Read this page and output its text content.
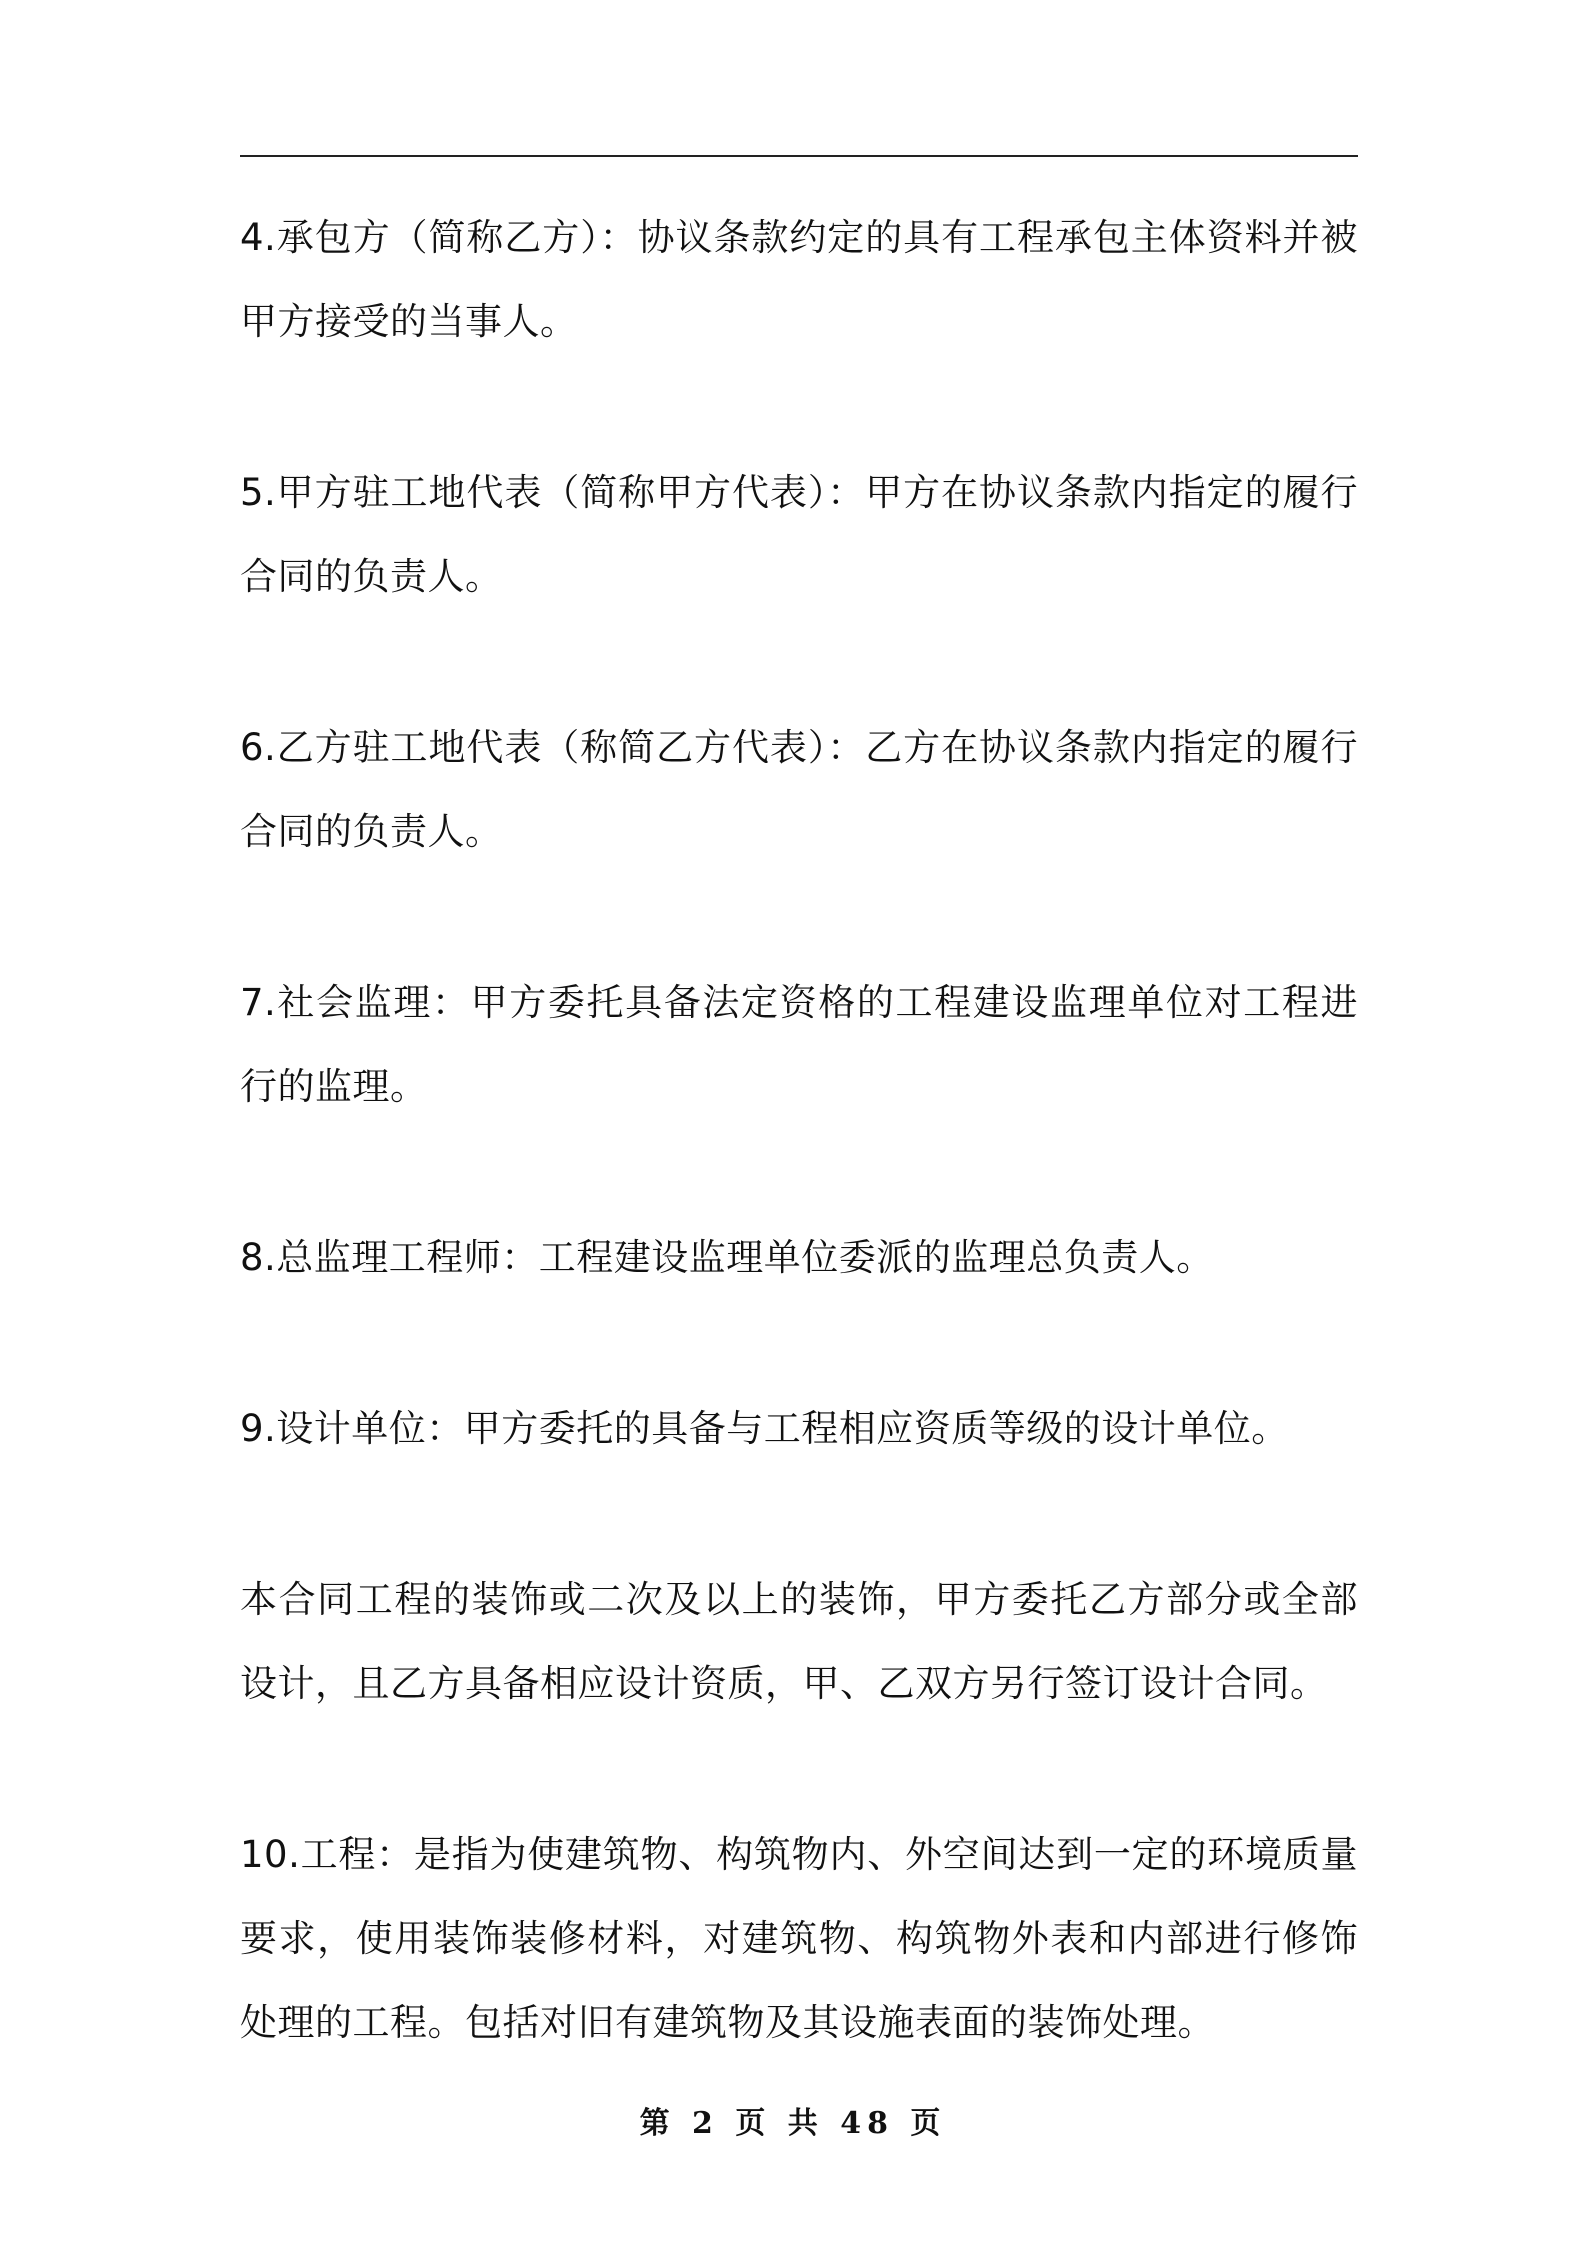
4.承包方（简称乙方）：协议条款约定的具有工程承包主体资料并被甲方接受的当事人。

5.甲方驻工地代表（简称甲方代表）：甲方在协议条款内指定的履行合同的负责人。

6.乙方驻工地代表（称简乙方代表）：乙方在协议条款内指定的履行合同的负责人。

7.社会监理：甲方委托具备法定资格的工程建设监理单位对工程进行的监理。

8.总监理工程师：工程建设监理单位委派的监理总负责人。

9.设计单位：甲方委托的具备与工程相应资质等级的设计单位。

本合同工程的装饰或二次及以上的装饰，甲方委托乙方部分或全部设计，且乙方具备相应设计资质，甲、乙双方另行签订设计合同。

10.工程：是指为使建筑物、构筑物内、外空间达到一定的环境质量要求，使用装饰装修材料，对建筑物、构筑物外表和内部进行修饰处理的工程。包括对旧有建筑物及其设施表面的装饰处理。

第 2 页 共 48 页
